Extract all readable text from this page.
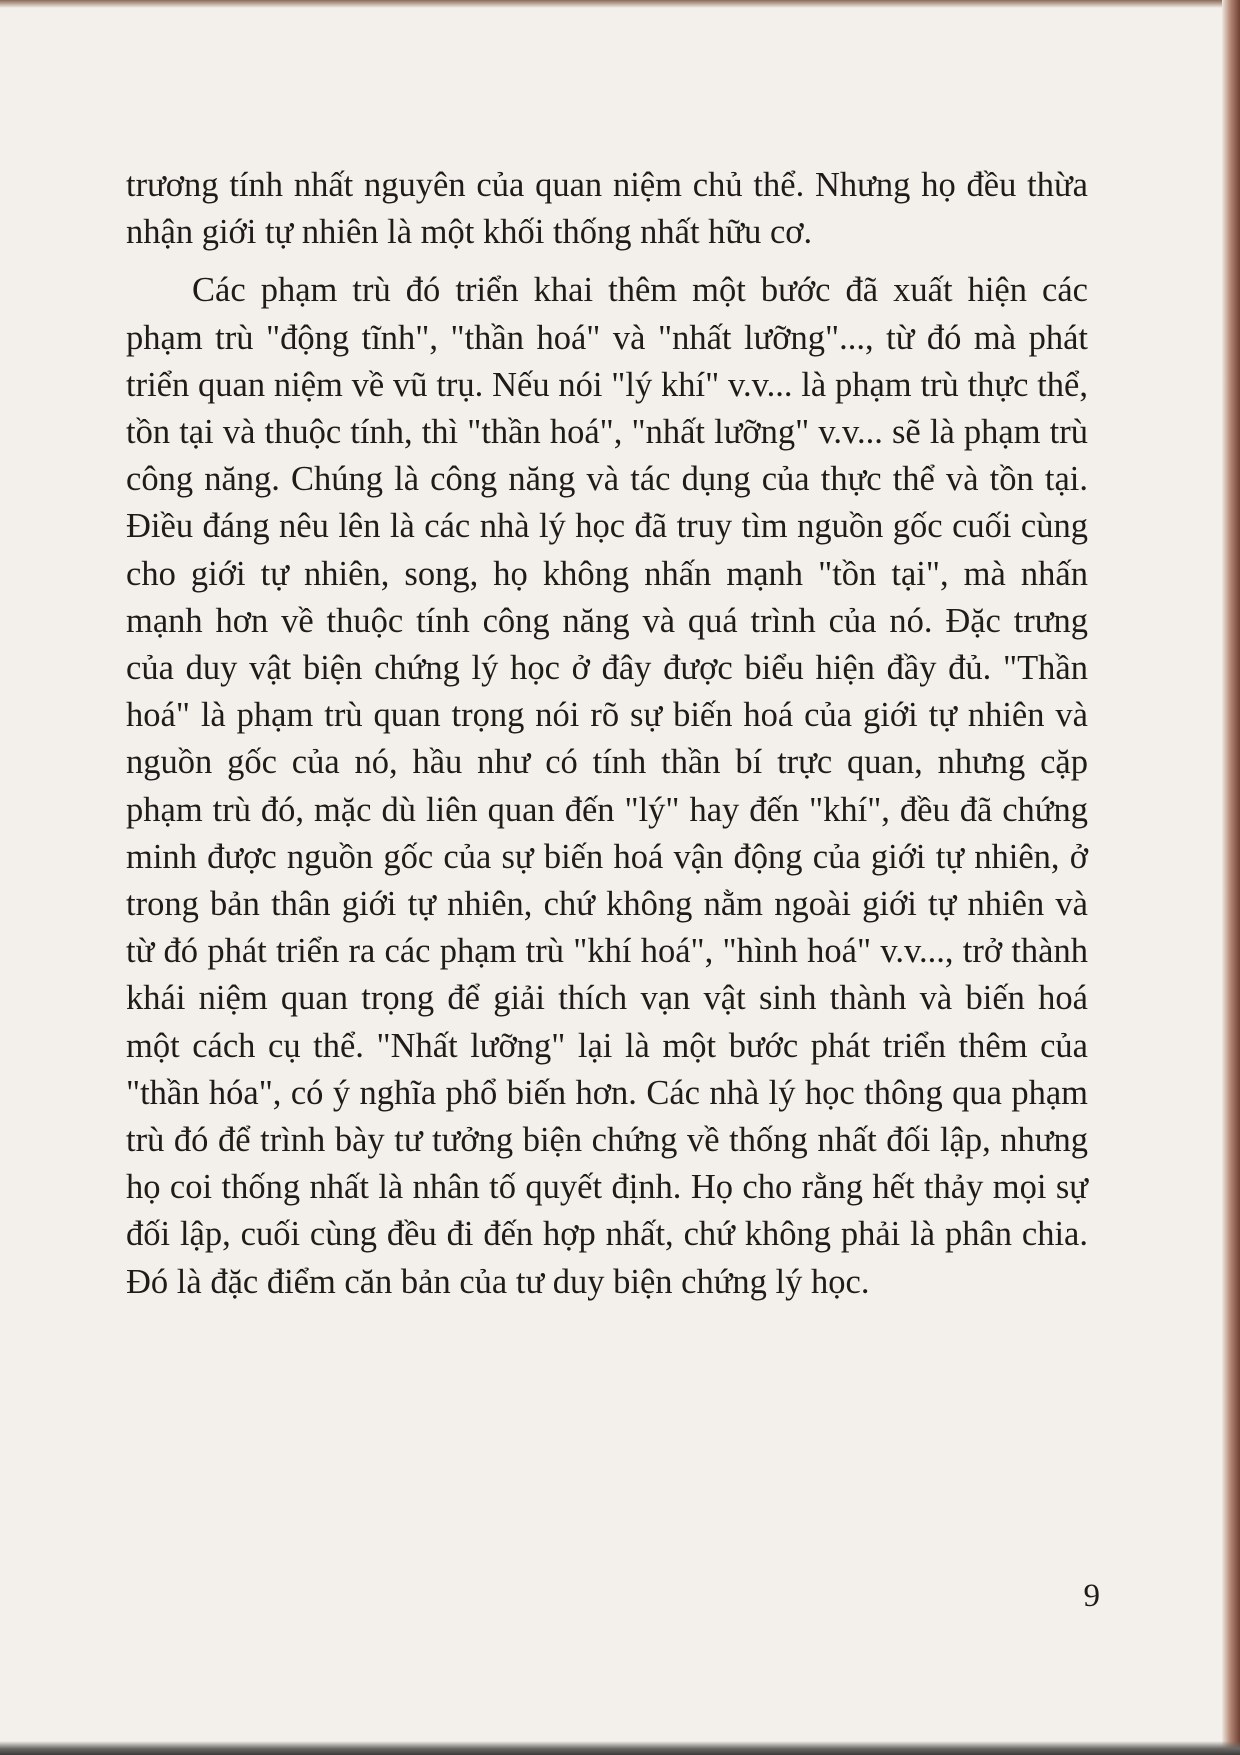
trương tính nhất nguyên của quan niệm chủ thể. Nhưng họ đều thừa nhận giới tự nhiên là một khối thống nhất hữu cơ.

Các phạm trù đó triển khai thêm một bước đã xuất hiện các phạm trù "động tĩnh", "thần hoá" và "nhất lưỡng"..., từ đó mà phát triển quan niệm về vũ trụ. Nếu nói "lý khí" v.v... là phạm trù thực thể, tồn tại và thuộc tính, thì "thần hoá", "nhất lưỡng" v.v... sẽ là phạm trù công năng. Chúng là công năng và tác dụng của thực thể và tồn tại. Điều đáng nêu lên là các nhà lý học đã truy tìm nguồn gốc cuối cùng cho giới tự nhiên, song, họ không nhấn mạnh "tồn tại", mà nhấn mạnh hơn về thuộc tính công năng và quá trình của nó. Đặc trưng của duy vật biện chứng lý học ở đây được biểu hiện đầy đủ. "Thần hoá" là phạm trù quan trọng nói rõ sự biến hoá của giới tự nhiên và nguồn gốc của nó, hầu như có tính thần bí trực quan, nhưng cặp phạm trù đó, mặc dù liên quan đến "lý" hay đến "khí", đều đã chứng minh được nguồn gốc của sự biến hoá vận động của giới tự nhiên, ở trong bản thân giới tự nhiên, chứ không nằm ngoài giới tự nhiên và từ đó phát triển ra các phạm trù "khí hoá", "hình hoá" v.v..., trở thành khái niệm quan trọng để giải thích vạn vật sinh thành và biến hoá một cách cụ thể. "Nhất lưỡng" lại là một bước phát triển thêm của "thần hóa", có ý nghĩa phổ biến hơn. Các nhà lý học thông qua phạm trù đó để trình bày tư tưởng biện chứng về thống nhất đối lập, nhưng họ coi thống nhất là nhân tố quyết định. Họ cho rằng hết thảy mọi sự đối lập, cuối cùng đều đi đến hợp nhất, chứ không phải là phân chia. Đó là đặc điểm căn bản của tư duy biện chứng lý học.

9
